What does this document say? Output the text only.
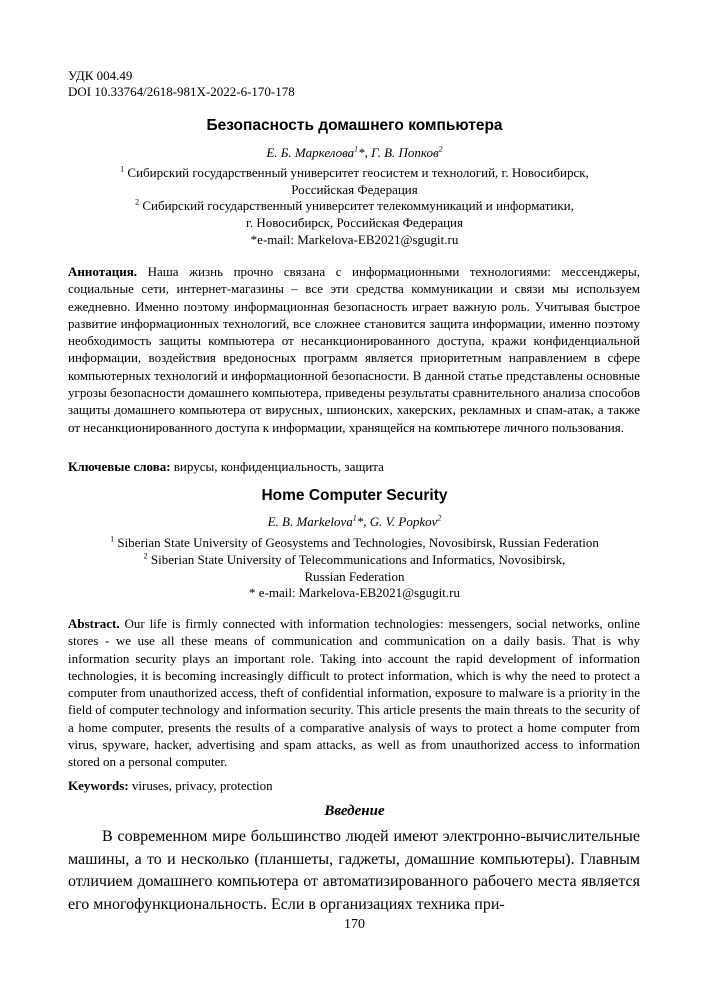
УДК 004.49
DOI 10.33764/2618-981X-2022-6-170-178
Безопасность домашнего компьютера
Е. Б. Маркелова$^1$*, Г. В. Попков$^2$
$^1$ Сибирский государственный университет геосистем и технологий, г. Новосибирск,
Российская Федерация
$^2$ Сибирский государственный университет телекоммуникаций и информатики,
г. Новосибирск, Российская Федерация
*e-mail: Markelova-EB2021@sgugit.ru
Аннотация. Наша жизнь прочно связана с информационными технологиями: мессенджеры, социальные сети, интернет-магазины – все эти средства коммуникации и связи мы используем ежедневно. Именно поэтому информационная безопасность играет важную роль. Учитывая быстрое развитие информационных технологий, все сложнее становится защита информации, именно поэтому необходимость защиты компьютера от несанкционированного доступа, кражи конфиденциальной информации, воздействия вредоносных программ является приоритетным направлением в сфере компьютерных технологий и информационной безопасности. В данной статье представлены основные угрозы безопасности домашнего компьютера, приведены результаты сравнительного анализа способов защиты домашнего компьютера от вирусных, шпионских, хакерских, рекламных и спам-атак, а также от несанкционированного доступа к информации, хранящейся на компьютере личного пользования.
Ключевые слова: вирусы, конфиденциальность, защита
Home Computer Security
E. B. Markelova$^1$*, G. V. Popkov$^2$
$^1$ Siberian State University of Geosystems and Technologies, Novosibirsk, Russian Federation
$^2$ Siberian State University of Telecommunications and Informatics, Novosibirsk,
Russian Federation
* e-mail: Markelova-EB2021@sgugit.ru
Abstract. Our life is firmly connected with information technologies: messengers, social networks, online stores - we use all these means of communication and communication on a daily basis. That is why information security plays an important role. Taking into account the rapid development of information technologies, it is becoming increasingly difficult to protect information, which is why the need to protect a computer from unauthorized access, theft of confidential information, exposure to malware is a priority in the field of computer technology and information security. This article presents the main threats to the security of a home computer, presents the results of a comparative analysis of ways to protect a home computer from virus, spyware, hacker, advertising and spam attacks, as well as from unauthorized access to information stored on a personal computer.
Keywords: viruses, privacy, protection
Введение
В современном мире большинство людей имеют электронно-вычислительные машины, а то и несколько (планшеты, гаджеты, домашние компьютеры). Главным отличием домашнего компьютера от автоматизированного рабочего места является его многофункциональность. Если в организациях техника при-
170
